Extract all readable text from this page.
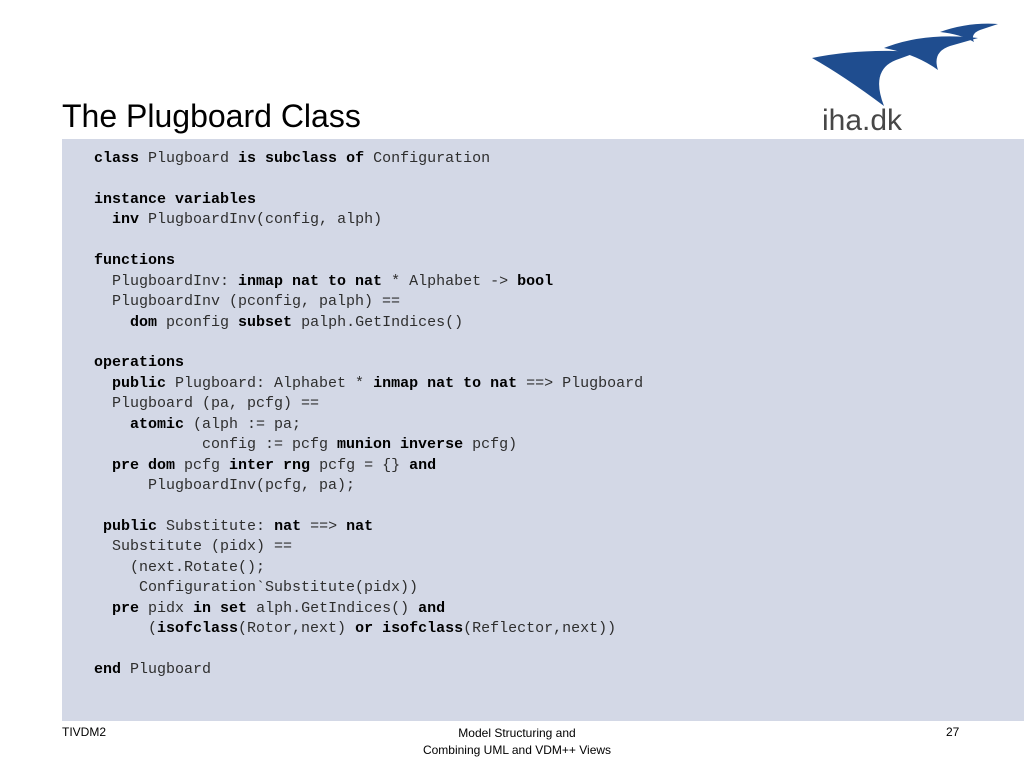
The Plugboard Class	iha.dk
class Plugboard is subclass of Configuration

instance variables
inv PlugboardInv(config, alph)

functions
PlugboardInv: inmap nat to nat * Alphabet -> bool
PlugboardInv (pconfig, palph) ==
dom pconfig subset palph.GetIndices()

operations
public Plugboard: Alphabet * inmap nat to nat ==> Plugboard
Plugboard (pa, pcfg) ==
atomic (alph := pa;
config := pcfg munion inverse pcfg)
pre dom pcfg inter rng pcfg = {} and
PlugboardInv(pcfg, pa);

public Substitute: nat ==> nat
Substitute (pidx) ==
(next.Rotate();
Configuration`Substitute(pidx))
pre pidx in set alph.GetIndices() and
(isofclass(Rotor,next) or isofclass(Reflector,next))

end Plugboard
TIVDM2	Model Structuring and
Combining UML and VDM++ Views
27
